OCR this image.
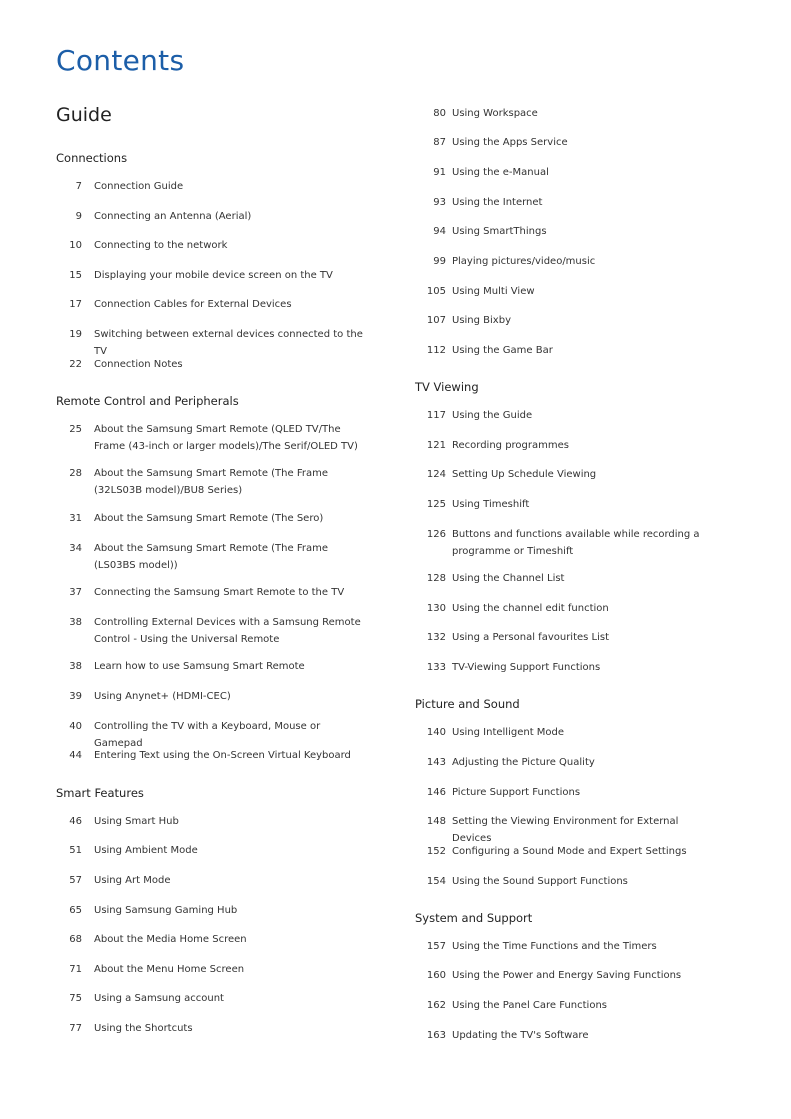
Contents
Guide
Connections
7 Connection Guide
9 Connecting an Antenna (Aerial)
10 Connecting to the network
15 Displaying your mobile device screen on the TV
17 Connection Cables for External Devices
19 Switching between external devices connected to the TV
22 Connection Notes
Remote Control and Peripherals
25 About the Samsung Smart Remote (QLED TV/The Frame (43-inch or larger models)/The Serif/OLED TV)
28 About the Samsung Smart Remote (The Frame (32LS03B model)/BU8 Series)
31 About the Samsung Smart Remote (The Sero)
34 About the Samsung Smart Remote (The Frame (LS03BS model))
37 Connecting the Samsung Smart Remote to the TV
38 Controlling External Devices with a Samsung Remote Control - Using the Universal Remote
38 Learn how to use Samsung Smart Remote
39 Using Anynet+ (HDMI-CEC)
40 Controlling the TV with a Keyboard, Mouse or Gamepad
44 Entering Text using the On-Screen Virtual Keyboard
Smart Features
46 Using Smart Hub
51 Using Ambient Mode
57 Using Art Mode
65 Using Samsung Gaming Hub
68 About the Media Home Screen
71 About the Menu Home Screen
75 Using a Samsung account
77 Using the Shortcuts
80 Using Workspace
87 Using the Apps Service
91 Using the e-Manual
93 Using the Internet
94 Using SmartThings
99 Playing pictures/video/music
105 Using Multi View
107 Using Bixby
112 Using the Game Bar
TV Viewing
117 Using the Guide
121 Recording programmes
124 Setting Up Schedule Viewing
125 Using Timeshift
126 Buttons and functions available while recording a programme or Timeshift
128 Using the Channel List
130 Using the channel edit function
132 Using a Personal favourites List
133 TV-Viewing Support Functions
Picture and Sound
140 Using Intelligent Mode
143 Adjusting the Picture Quality
146 Picture Support Functions
148 Setting the Viewing Environment for External Devices
152 Configuring a Sound Mode and Expert Settings
154 Using the Sound Support Functions
System and Support
157 Using the Time Functions and the Timers
160 Using the Power and Energy Saving Functions
162 Using the Panel Care Functions
163 Updating the TV's Software
